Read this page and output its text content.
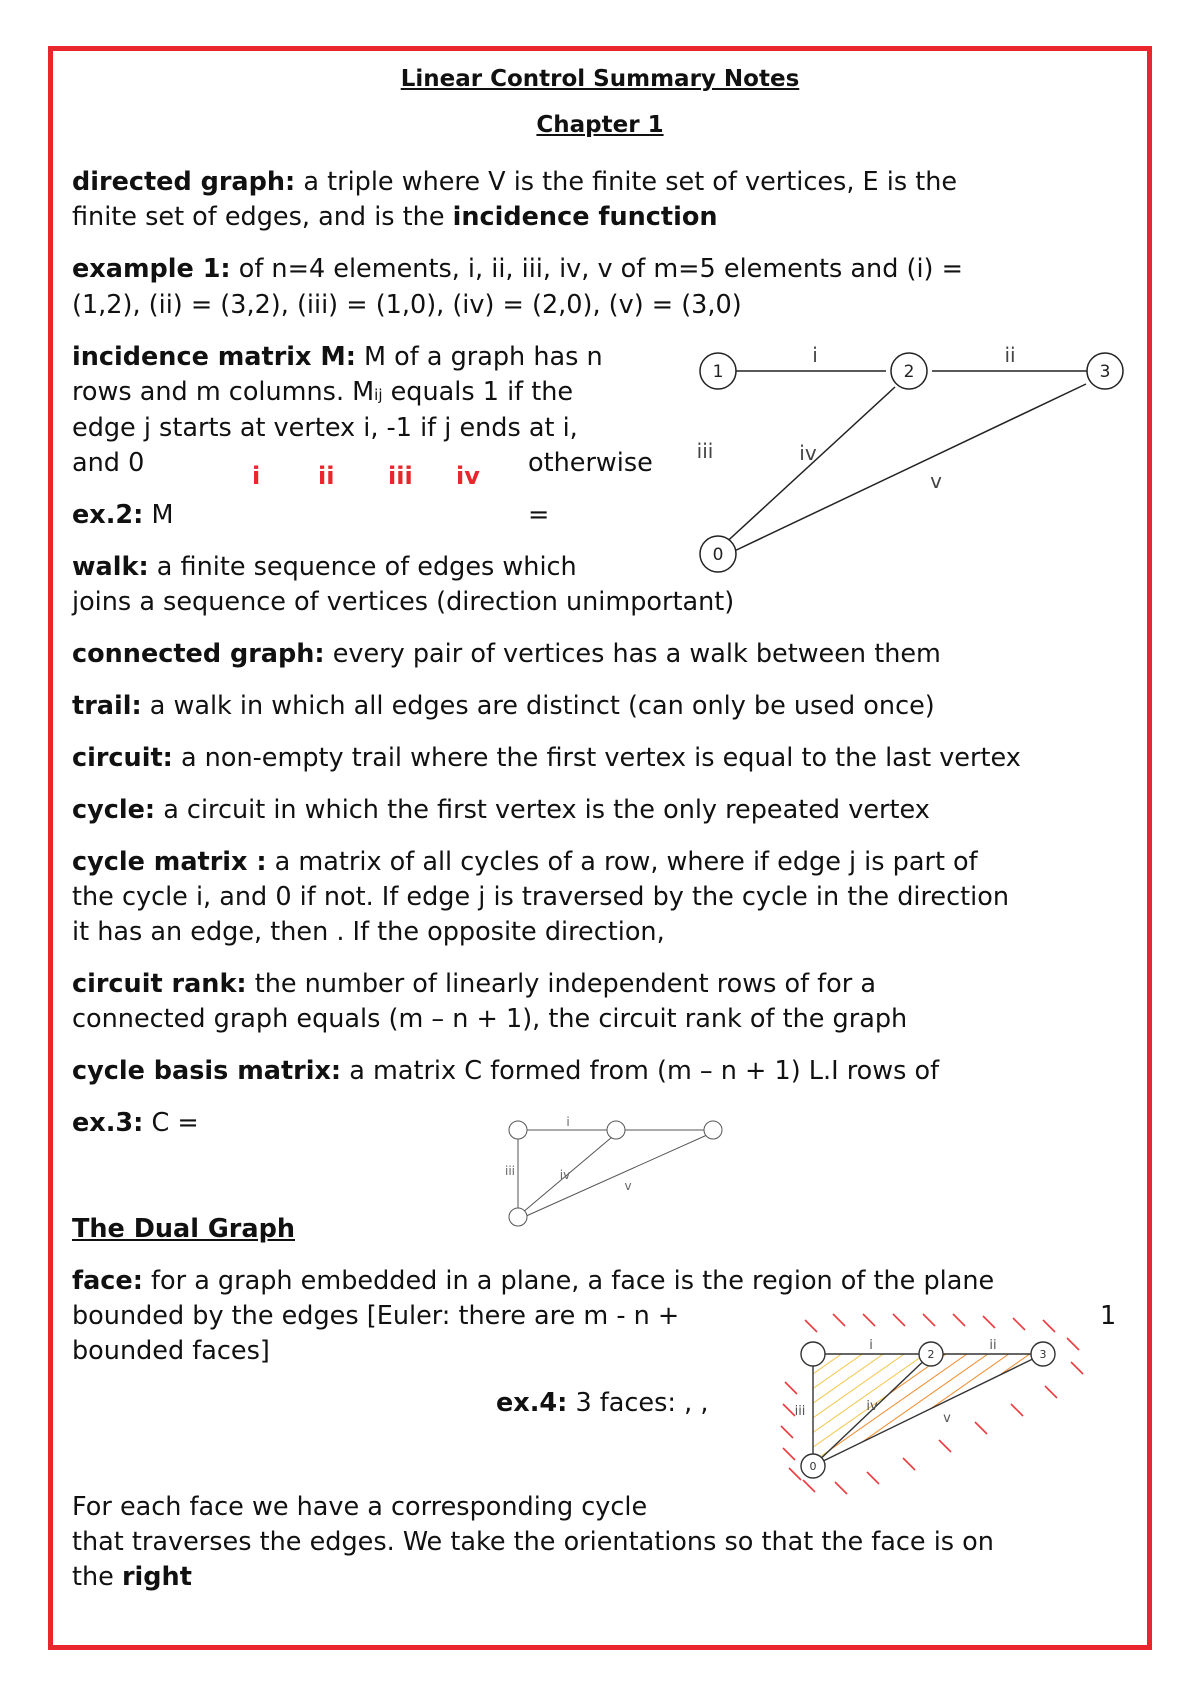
Linear Control Summary Notes
Chapter 1
directed graph: a triple where V is the finite set of vertices, E is the
finite set of edges, and is the incidence function
example 1: of n=4 elements, i, ii, iii, iv, v of m=5 elements and (i) =
(1,2), (ii) = (3,2), (iii) = (1,0), (iv) = (2,0), (v) = (3,0)
incidence matrix M: M of a graph has n
rows and m columns. Mij equals 1 if the
edge j starts at vertex i, -1 if j ends at i,
and 0	otherwise
i ii iii iv
ex.2: M	=
walk: a finite sequence of edges which
joins a sequence of vertices (direction unimportant)
connected graph: every pair of vertices has a walk between them
trail: a walk in which all edges are distinct (can only be used once)
circuit: a non-empty trail where the first vertex is equal to the last vertex
cycle: a circuit in which the first vertex is the only repeated vertex
cycle matrix : a matrix of all cycles of a row, where if edge j is part of
the cycle i, and 0 if not. If edge j is traversed by the cycle in the direction
it has an edge, then . If the opposite direction,
circuit rank: the number of linearly independent rows of for a
connected graph equals (m – n + 1), the circuit rank of the graph
cycle basis matrix: a matrix C formed from (m – n + 1) L.I rows of
ex.3: C =
The Dual Graph
face: for a graph embedded in a plane, a face is the region of the plane
bounded by the edges [Euler: there are m - n +	1
bounded faces]
ex.4: 3 faces: , ,
For each face we have a corresponding cycle
that traverses the edges. We take the orientations so that the face is on
the right
1	2	3
0
i	ii
iii	iv
v
i
iii	iv
v
2	3
0
i	ii
iii	iv
v
